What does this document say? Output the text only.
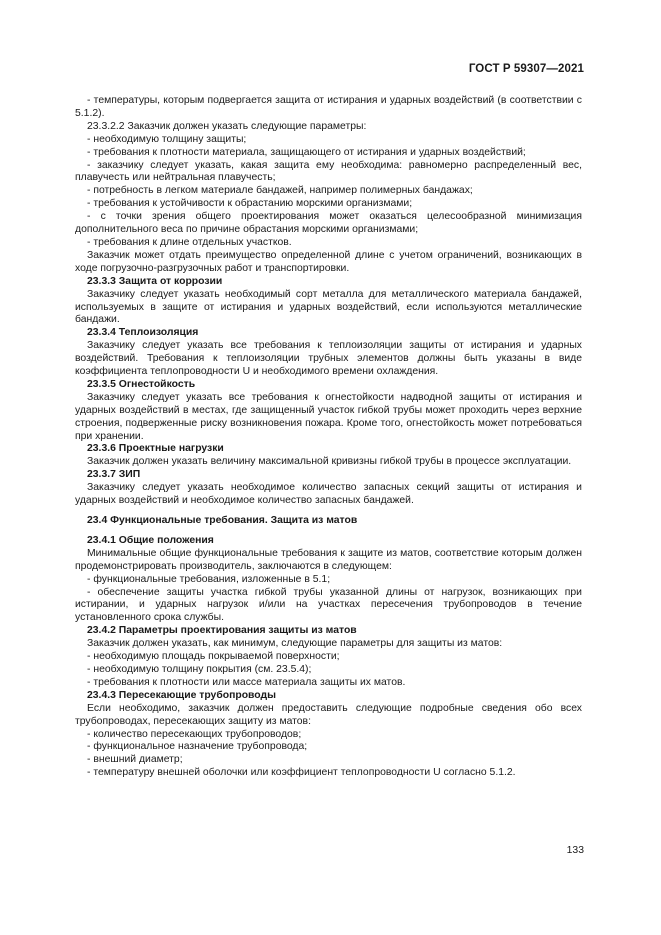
ГОСТ Р 59307—2021

- температуры, которым подвергается защита от истирания и ударных воздействий (в соответствии с 5.1.2).

23.3.2.2 Заказчик должен указать следующие параметры:

- необходимую толщину защиты;

- требования к плотности материала, защищающего от истирания и ударных воздействий;

- заказчику следует указать, какая защита ему необходима: равномерно распределенный вес, плавучесть или нейтральная плавучесть;

- потребность в легком материале бандажей, например полимерных бандажах;

- требования к устойчивости к обрастанию морскими организмами;

- с точки зрения общего проектирования может оказаться целесообразной минимизация дополнительного веса по причине обрастания морскими организмами;

- требования к длине отдельных участков.

Заказчик может отдать преимущество определенной длине с учетом ограничений, возникающих в ходе погрузочно-разгрузочных работ и транспортировки.

23.3.3 Защита от коррозии

Заказчику следует указать необходимый сорт металла для металлического материала бандажей, используемых в защите от истирания и ударных воздействий, если используются металлические бандажи.

23.3.4 Теплоизоляция

Заказчику следует указать все требования к теплоизоляции защиты от истирания и ударных воздействий. Требования к теплоизоляции трубных элементов должны быть указаны в виде коэффициента теплопроводности U и необходимого времени охлаждения.

23.3.5 Огнестойкость

Заказчику следует указать все требования к огнестойкости надводной защиты от истирания и ударных воздействий в местах, где защищенный участок гибкой трубы может проходить через верхние строения, подверженные риску возникновения пожара. Кроме того, огнестойкость может потребоваться при хранении.

23.3.6 Проектные нагрузки

Заказчик должен указать величину максимальной кривизны гибкой трубы в процессе эксплуатации.

23.3.7 ЗИП

Заказчику следует указать необходимое количество запасных секций защиты от истирания и ударных воздействий и необходимое количество запасных бандажей.

23.4 Функциональные требования. Защита из матов

23.4.1 Общие положения

Минимальные общие функциональные требования к защите из матов, соответствие которым должен продемонстрировать производитель, заключаются в следующем:

- функциональные требования, изложенные в 5.1;

- обеспечение защиты участка гибкой трубы указанной длины от нагрузок, возникающих при истирании, и ударных нагрузок и/или на участках пересечения трубопроводов в течение установленного срока службы.

23.4.2 Параметры проектирования защиты из матов

Заказчик должен указать, как минимум, следующие параметры для защиты из матов:

- необходимую площадь покрываемой поверхности;

- необходимую толщину покрытия (см. 23.5.4);

- требования к плотности или массе материала защиты их матов.

23.4.3 Пересекающие трубопроводы

Если необходимо, заказчик должен предоставить следующие подробные сведения обо всех трубопроводах, пересекающих защиту из матов:

- количество пересекающих трубопроводов;

- функциональное назначение трубопровода;

- внешний диаметр;

- температуру внешней оболочки или коэффициент теплопроводности U согласно 5.1.2.

133
